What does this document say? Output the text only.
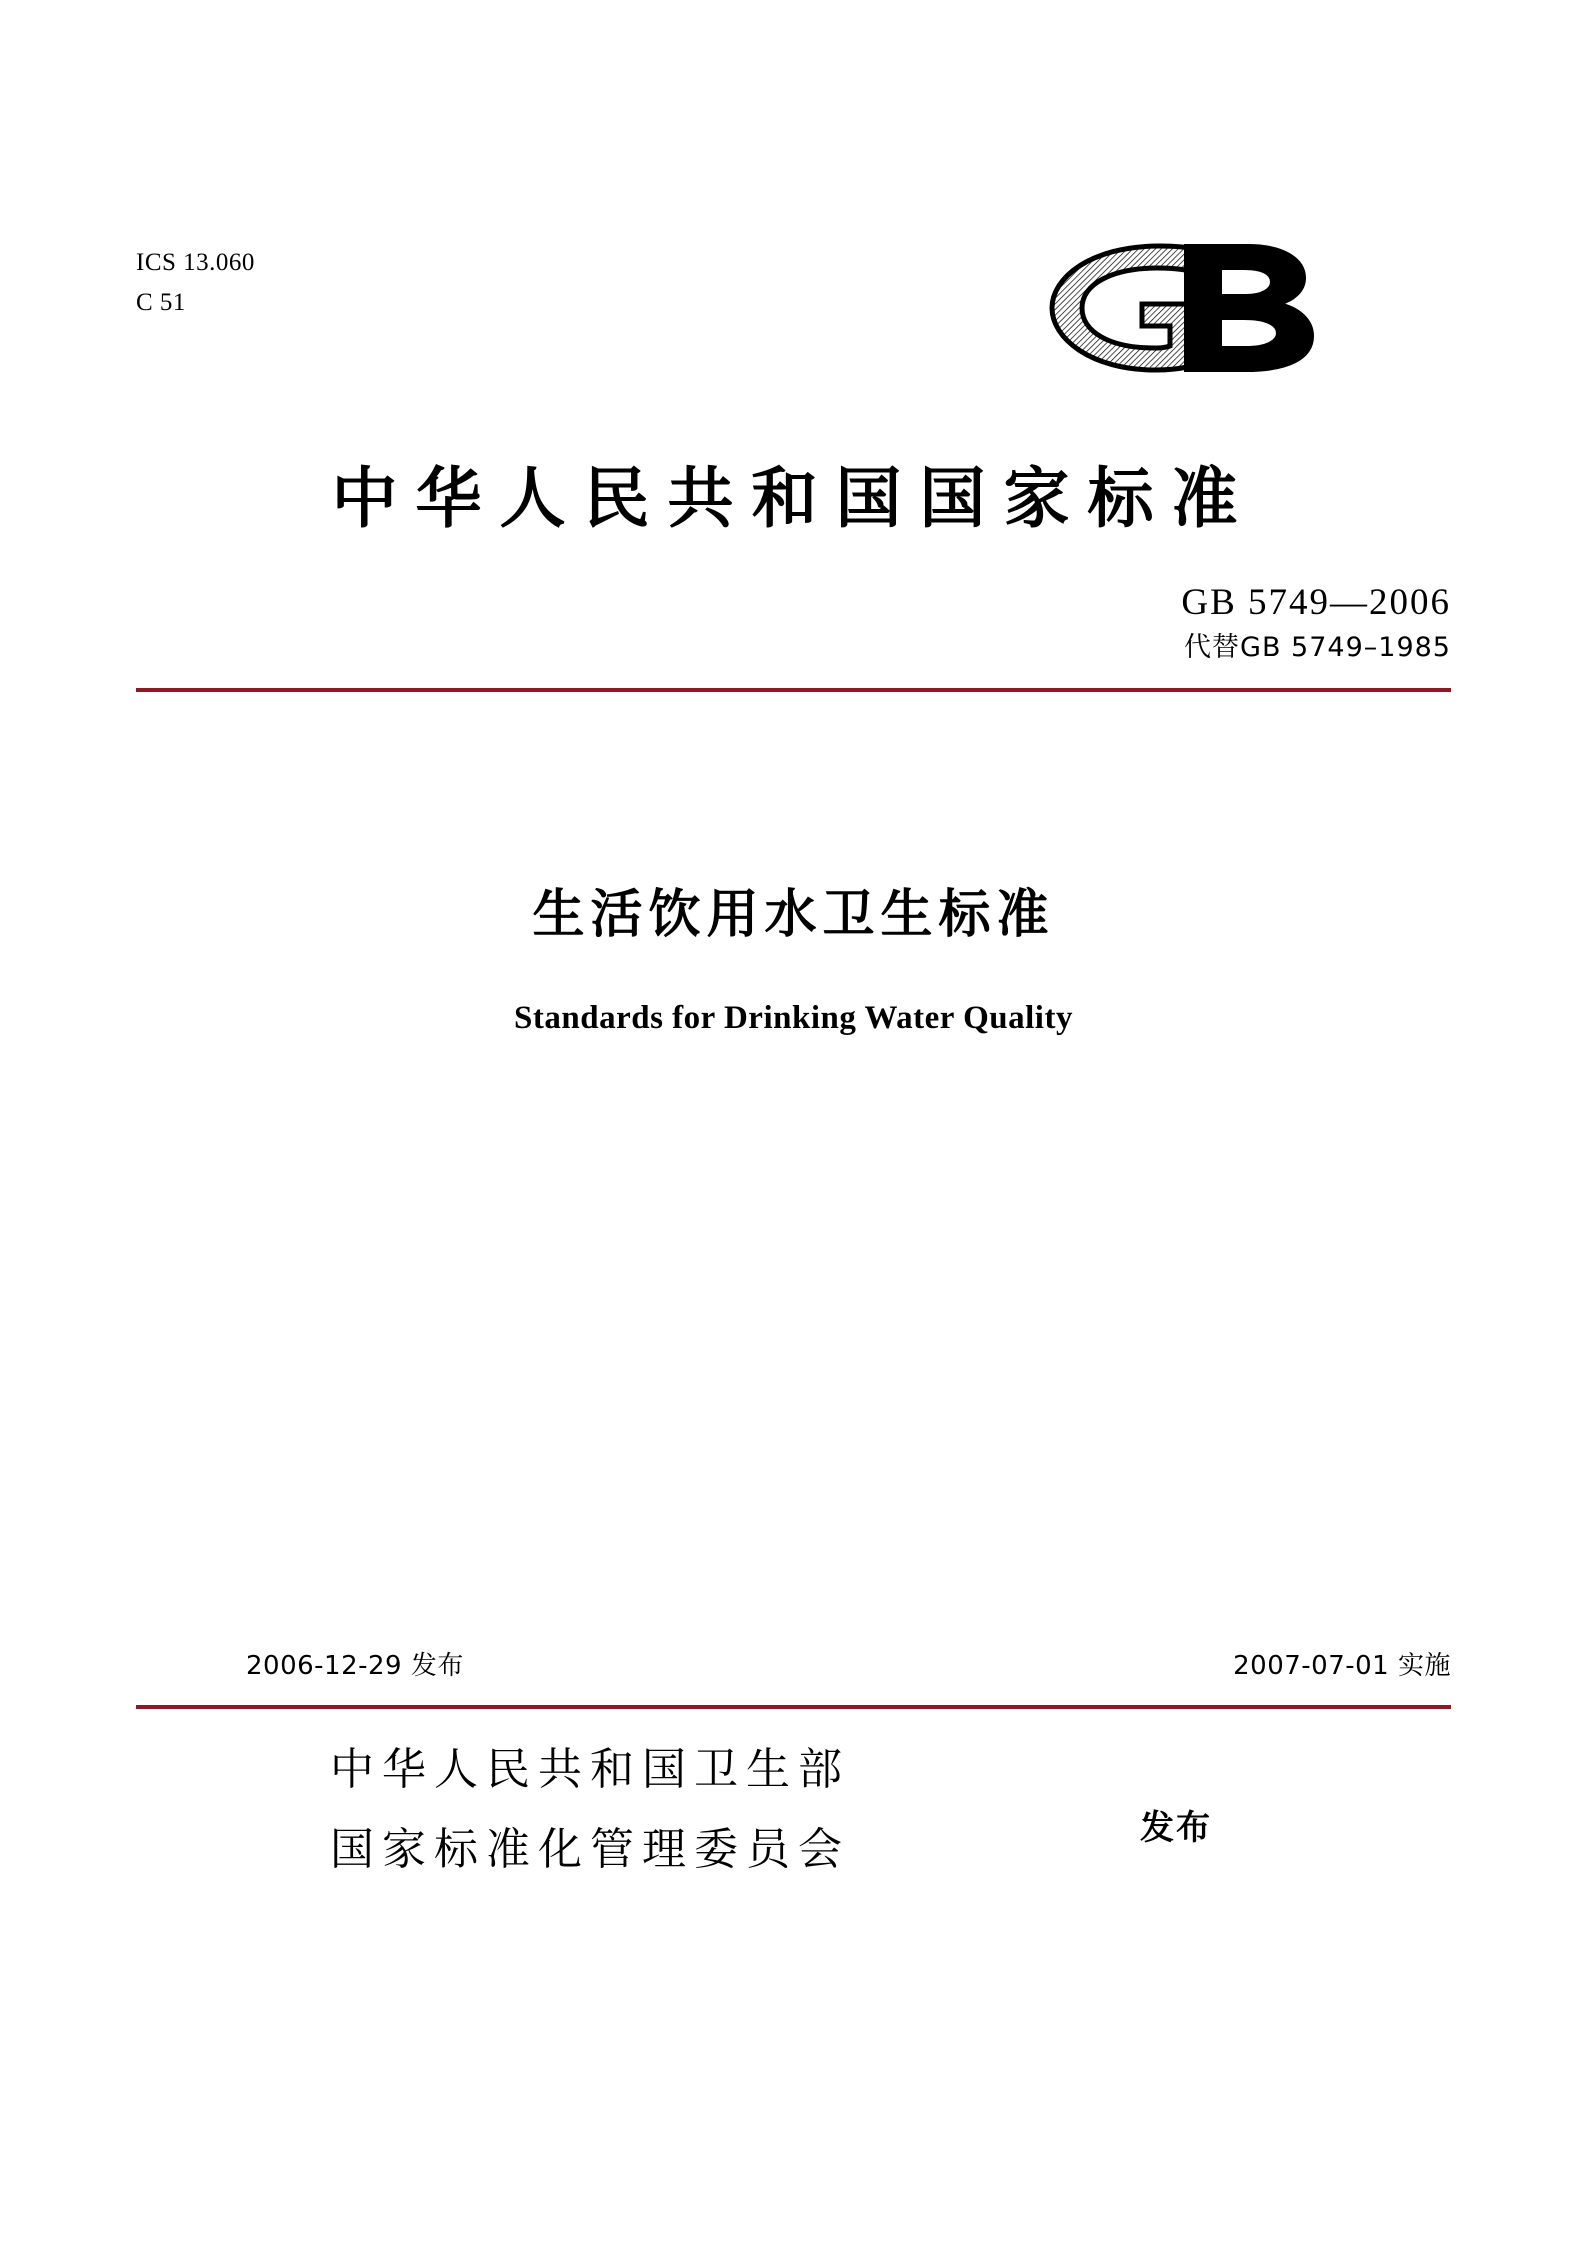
ICS 13.060
C 51
中华人民共和国国家标准
GB 5749—2006
代替GB 5749–1985
生活饮用水卫生标准
Standards for Drinking Water Quality
2006-12-29 发布	2007-07-01 实施
中华人民共和国卫生部
国家标准化管理委员会	发布
